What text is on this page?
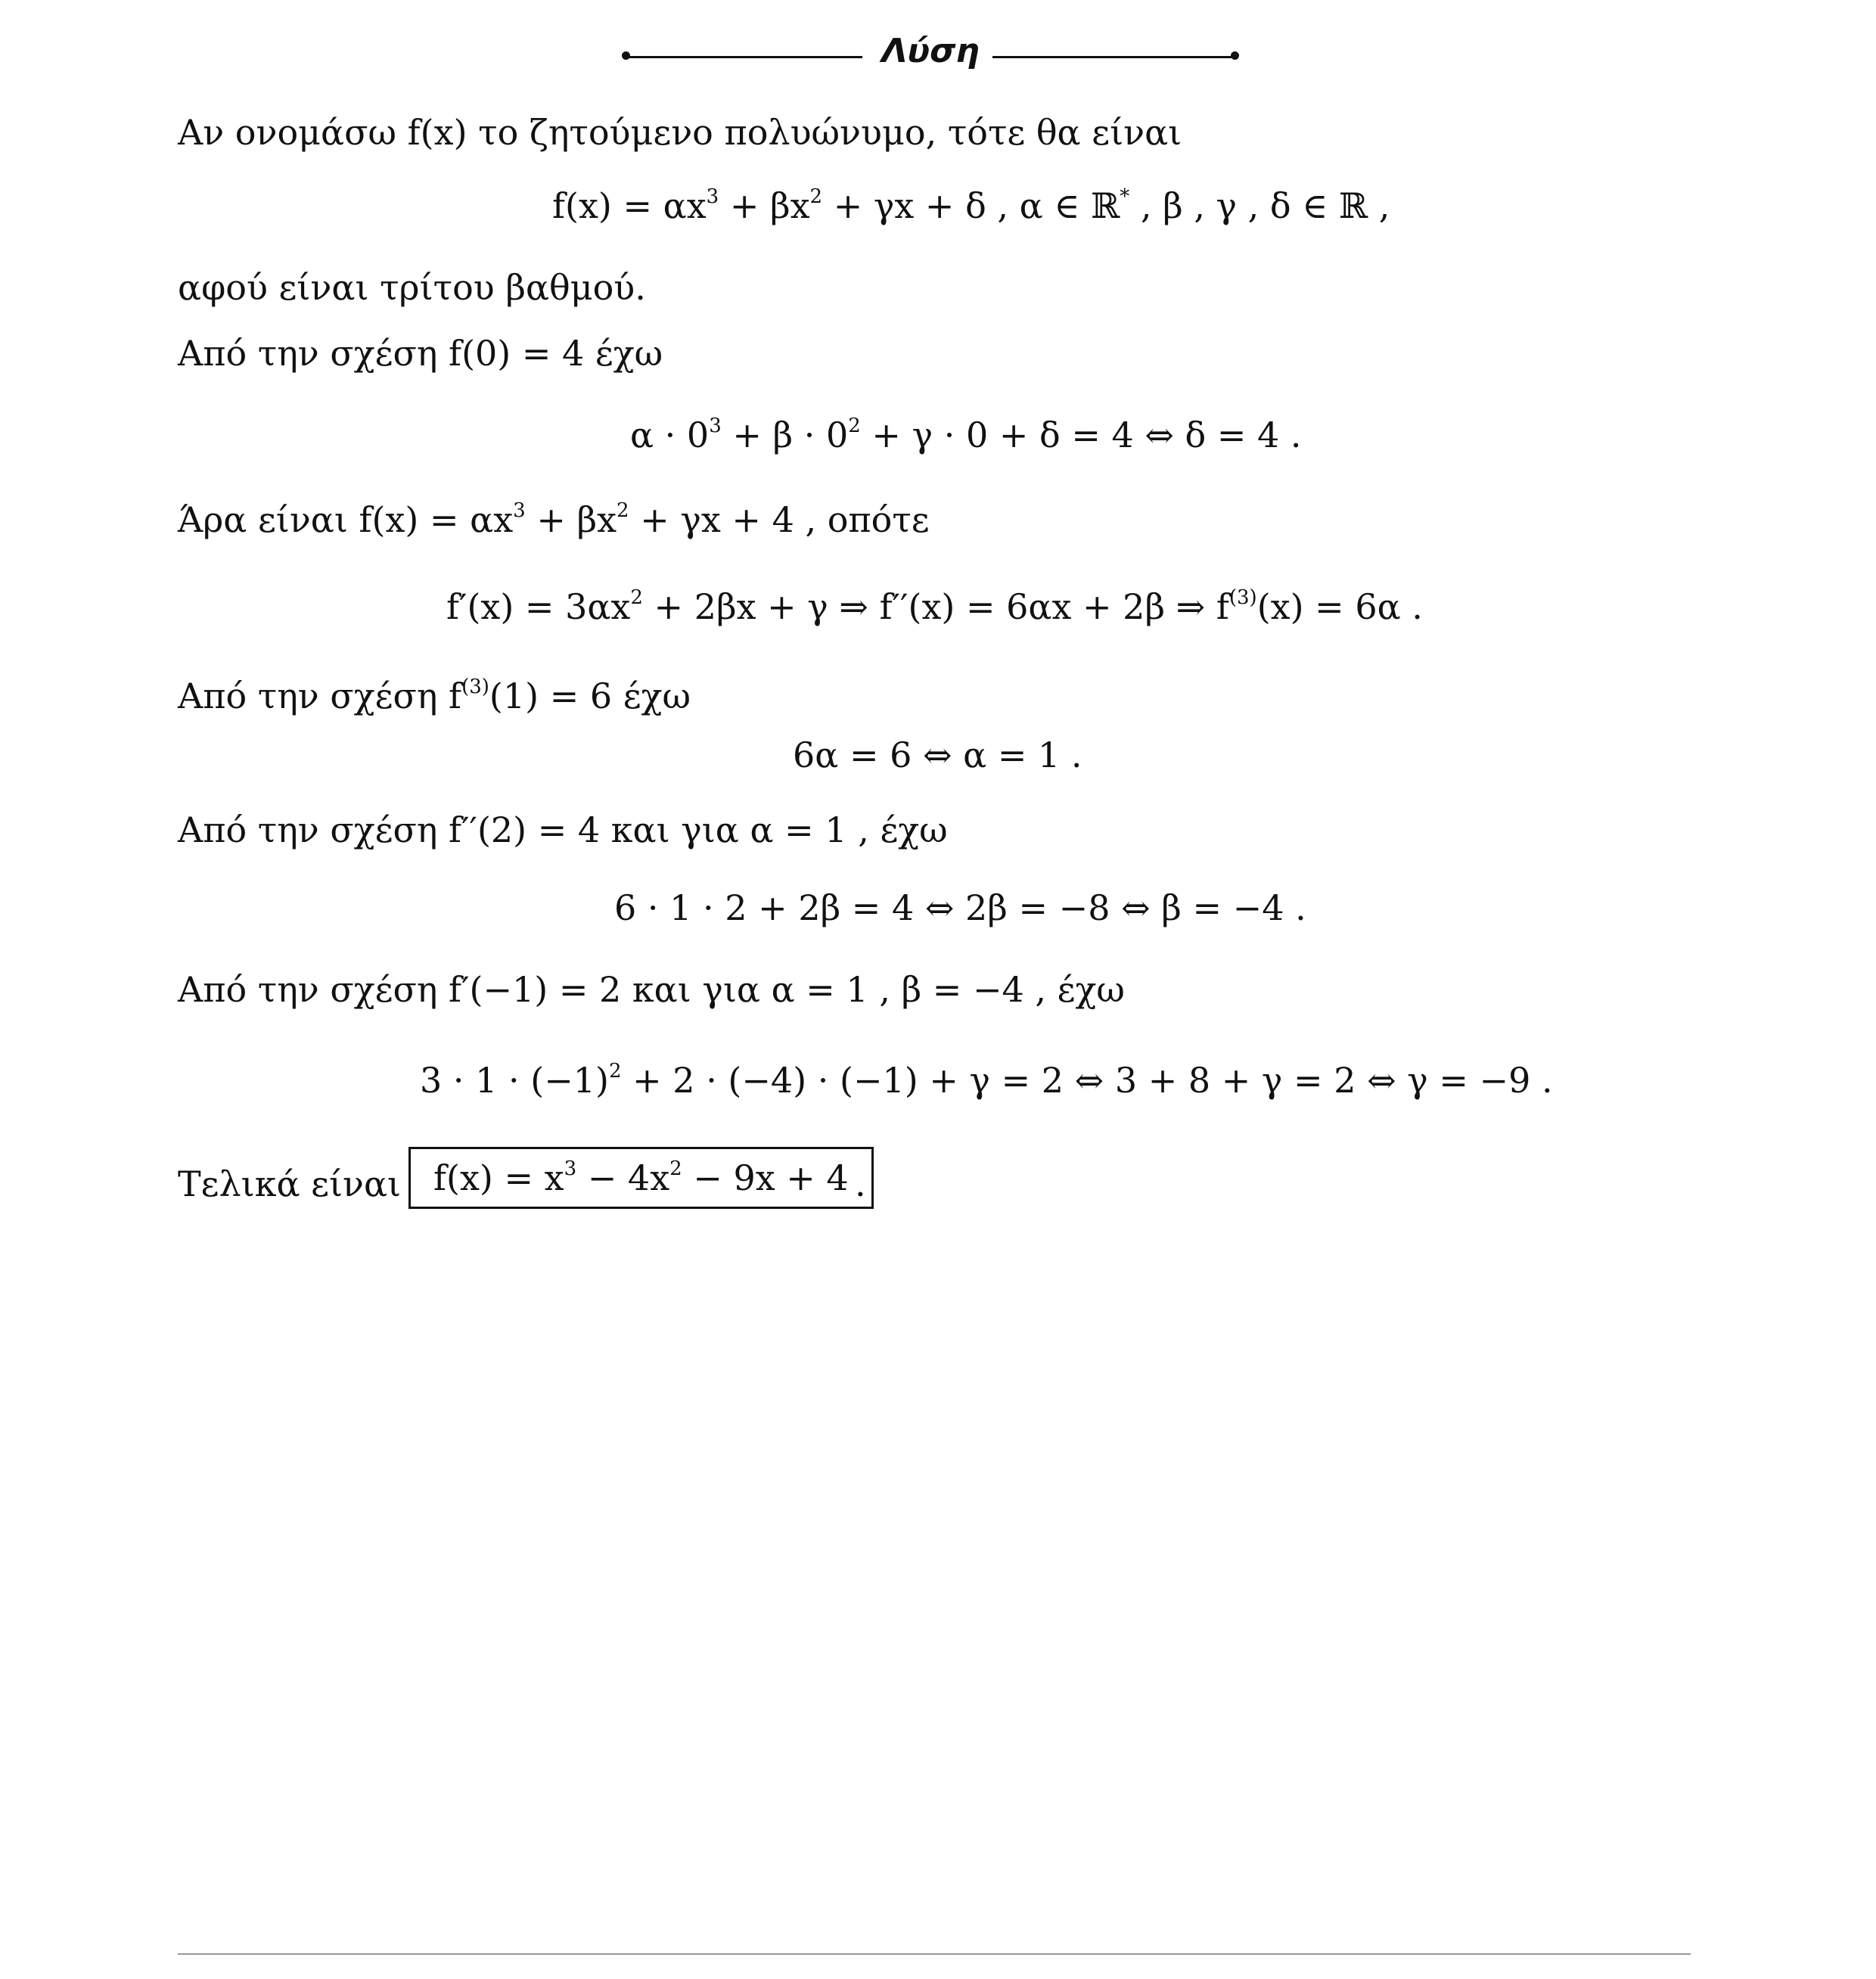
Λύση
Αν ονομάσω f(x) το ζητούμενο πολυώνυμο, τότε θα είναι
$f(x) = \alpha x^3 + \beta x^2 + \gamma x + \delta$ , α ∈ ℝ* , β , γ , δ ∈ ℝ ,
αφού είναι τρίτου βαθμού.
Από την σχέση f(0) = 4 έχω
$\alpha \cdot 0^3 + \beta \cdot 0^2 + \gamma \cdot 0 + \delta = 4$ ⇔ δ = 4 .
Άρα είναι $f(x) = \alpha x^3 + \beta x^2 + \gamma x + 4$ , οπότε
$f'(x) = 3\alpha x^2 + 2\beta x + \gamma$ ⇒ f′′(x) = 6αx + 2β ⇒ $f^{(3)}(x) = 6\alpha$ .
Από την σχέση $f^{(3)}(1) = 6$ έχω
6α = 6 ⇔ α = 1 .
Από την σχέση f′′(2) = 4 και για α = 1 , έχω
6 · 1 · 2 + 2β = 4 ⇔ 2β = −8 ⇔ β = −4 .
Από την σχέση f′(−1) = 2 και για α = 1 , β = −4 , έχω
$3 \cdot 1 \cdot (-1)^2 + 2 \cdot (-4) \cdot (-1) + \gamma = 2$ ⇔ 3 + 8 + γ = 2 ⇔ γ = −9 .
Τελικά είναι $f(x) = x^3 - 4x^2 - 9x + 4$ .
